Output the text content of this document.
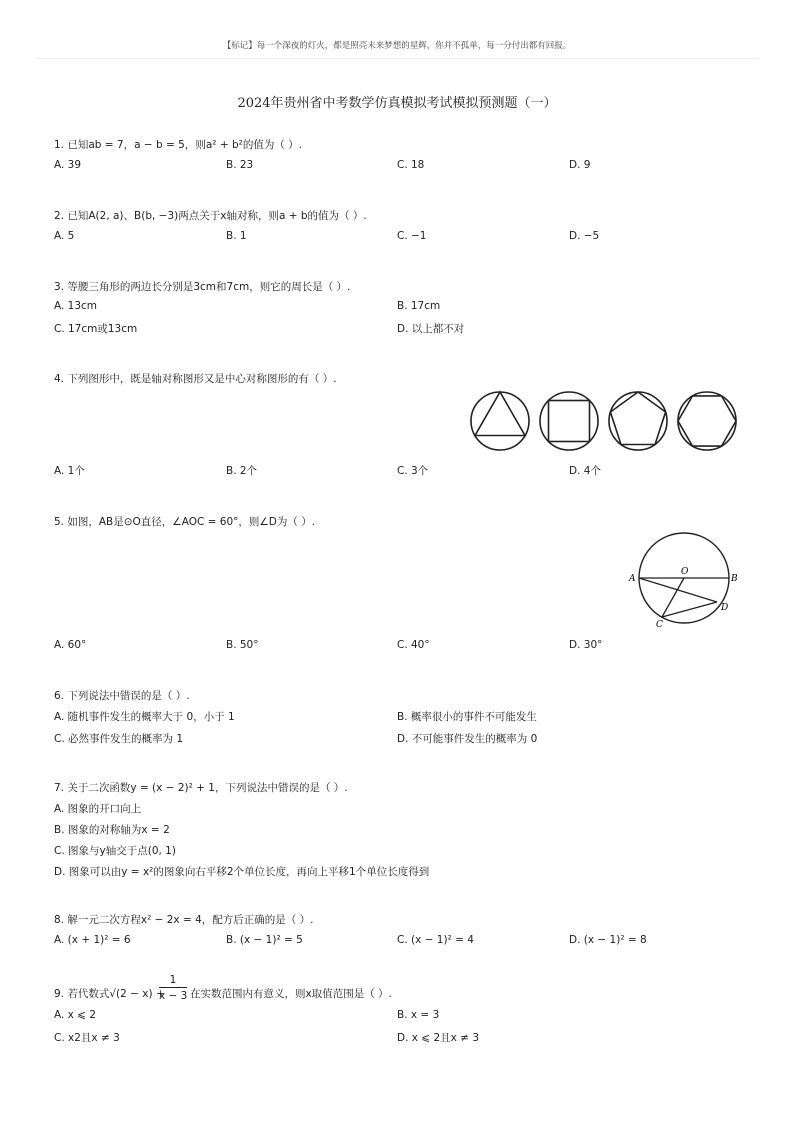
【标记】每一个深夜的灯火，都是照亮未来梦想的星辉，你并不孤单，每一分付出都有回报。
2024年贵州省中考数学仿真模拟考试模拟预测题（一）
1. 已知ab = 7，a − b = 5，则a² + b²的值为（ ）.
A. 39	B. 23	C. 18	D. 9
2. 已知A(2, a)、B(b, −3)两点关于x轴对称，则a + b的值为（ ）.
A. 5	B. 1	C. −1	D. −5
3. 等腰三角形的两边长分别是3cm和7cm，则它的周长是（ ）.
A. 13cm	B. 17cm
C. 17cm或13cm	D. 以上都不对
4. 下列图形中，既是轴对称图形又是中心对称图形的有（ ）.
A. 1个	B. 2个	C. 3个	D. 4个
5. 如图，AB是⊙O直径，∠AOC = 60°，则∠D为（ ）.
A	B
O
C
D
A. 60°	B. 50°	C. 40°	D. 30°
6. 下列说法中错误的是（ ）.
A. 随机事件发生的概率大于 0，小于 1	B. 概率很小的事件不可能发生
C. 必然事件发生的概率为 1	D. 不可能事件发生的概率为 0
7. 关于二次函数y = (x − 2)² + 1，下列说法中错误的是（ ）.
A. 图象的开口向上
B. 图象的对称轴为x = 2
C. 图象与y轴交于点(0, 1)
D. 图象可以由y = x²的图象向右平移2个单位长度，再向上平移1个单位长度得到
8. 解一元二次方程x² − 2x = 4，配方后正确的是（ ）.
A. (x + 1)² = 6	B. (x − 1)² = 5	C. (x − 1)² = 4	D. (x − 1)² = 8
9. 若代数式√(2 − x) +
1
x − 3 在实数范围内有意义，则x取值范围是（ ）.
A. x ⩽ 2	B. x = 3
C. x2且x ≠ 3	D. x ⩽ 2且x ≠ 3
